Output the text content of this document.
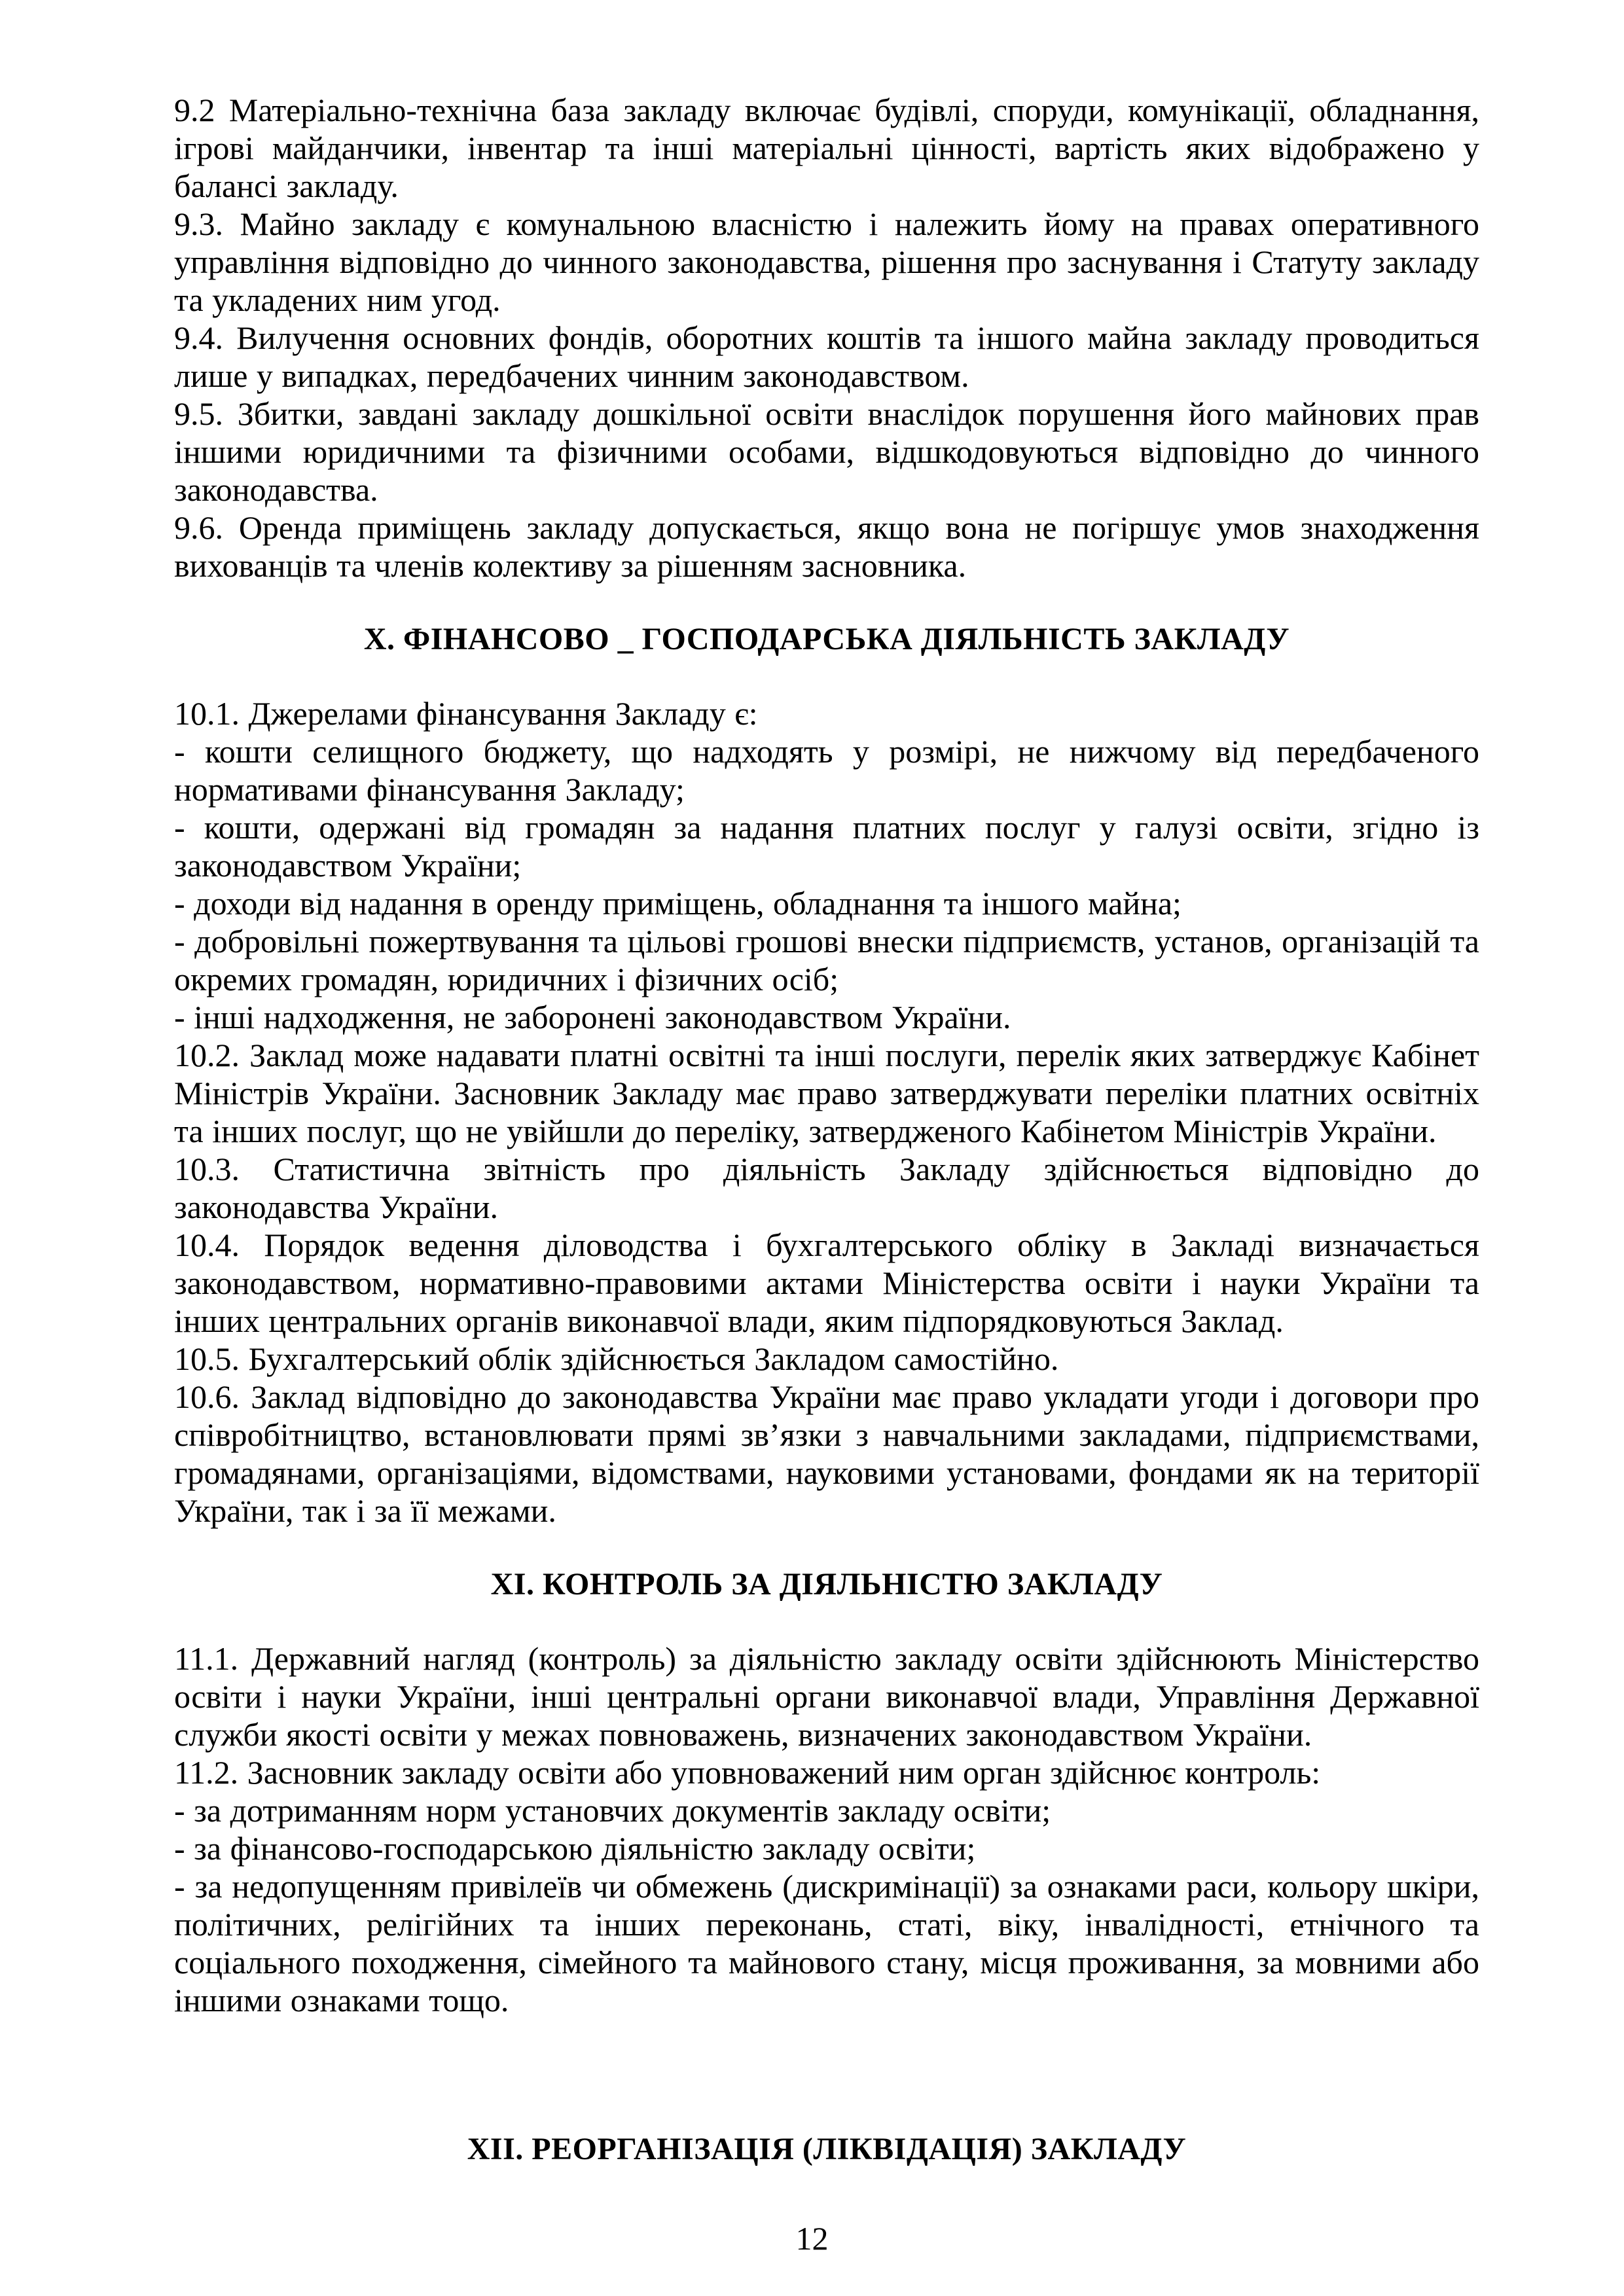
9.2 Матеріально-технічна база закладу включає будівлі, споруди, комунікації, обладнання, ігрові майданчики, інвентар та інші матеріальні цінності, вартість яких відображено у балансі закладу.

9.3. Майно закладу є комунальною власністю і належить йому на правах оперативного управління відповідно до чинного законодавства, рішення про заснування і Статуту закладу та укладених ним угод.

9.4. Вилучення основних фондів, оборотних коштів та іншого майна закладу проводиться лише у випадках, передбачених чинним законодавством.

9.5. Збитки, завдані закладу дошкільної освіти внаслідок порушення його майнових прав іншими юридичними та фізичними особами, відшкодовуються відповідно до чинного законодавства.

9.6. Оренда приміщень закладу допускається, якщо вона не погіршує умов знаходження вихованців та членів колективу за рішенням засновника.

X. ФІНАНСОВО _ ГОСПОДАРСЬКА ДІЯЛЬНІСТЬ ЗАКЛАДУ

10.1. Джерелами фінансування Закладу є:

- кошти селищного бюджету, що надходять у розмірі, не нижчому від передбаченого нормативами фінансування Закладу;

- кошти, одержані від громадян за надання платних послуг у галузі освіти, згідно із законодавством України;

- доходи від надання в оренду приміщень, обладнання та іншого майна;

- добровільні пожертвування та цільові грошові внески підприємств, установ, організацій та окремих громадян, юридичних і фізичних осіб;

- інші надходження, не заборонені законодавством України.

10.2. Заклад може надавати платні освітні та інші послуги, перелік яких затверджує Кабінет Міністрів України. Засновник Закладу має право затверджувати переліки платних освітніх та інших послуг, що не увійшли до переліку, затвердженого Кабінетом Міністрів України.

10.3. Статистична звітність про діяльність Закладу здійснюється відповідно до законодавства України.

10.4. Порядок ведення діловодства і бухгалтерського обліку в Закладі визначається законодавством, нормативно-правовими актами Міністерства освіти і науки України та інших центральних органів виконавчої влади, яким підпорядковуються Заклад.

10.5. Бухгалтерський облік здійснюється Закладом самостійно.

10.6. Заклад відповідно до законодавства України має право укладати угоди і договори про співробітництво, встановлювати прямі зв’язки з навчальними закладами, підприємствами, громадянами, організаціями, відомствами, науковими установами, фондами як на території України, так і за її межами.

XI. КОНТРОЛЬ ЗА ДІЯЛЬНІСТЮ ЗАКЛАДУ

11.1. Державний нагляд (контроль) за діяльністю закладу освіти здійснюють Міністерство освіти і науки України, інші центральні органи виконавчої влади, Управління Державної служби якості освіти у межах повноважень, визначених законодавством України.

11.2. Засновник закладу освіти або уповноважений ним орган здійснює контроль:

- за дотриманням норм установчих документів закладу освіти;

- за фінансово-господарською діяльністю закладу освіти;

- за недопущенням привілеїв чи обмежень (дискримінації) за ознаками раси, кольору шкіри, політичних, релігійних та інших переконань, статі, віку, інвалідності, етнічного та соціального походження, сімейного та майнового стану, місця проживання, за мовними або іншими ознаками тощо.

XII. РЕОРГАНІЗАЦІЯ (ЛІКВІДАЦІЯ) ЗАКЛАДУ
12
